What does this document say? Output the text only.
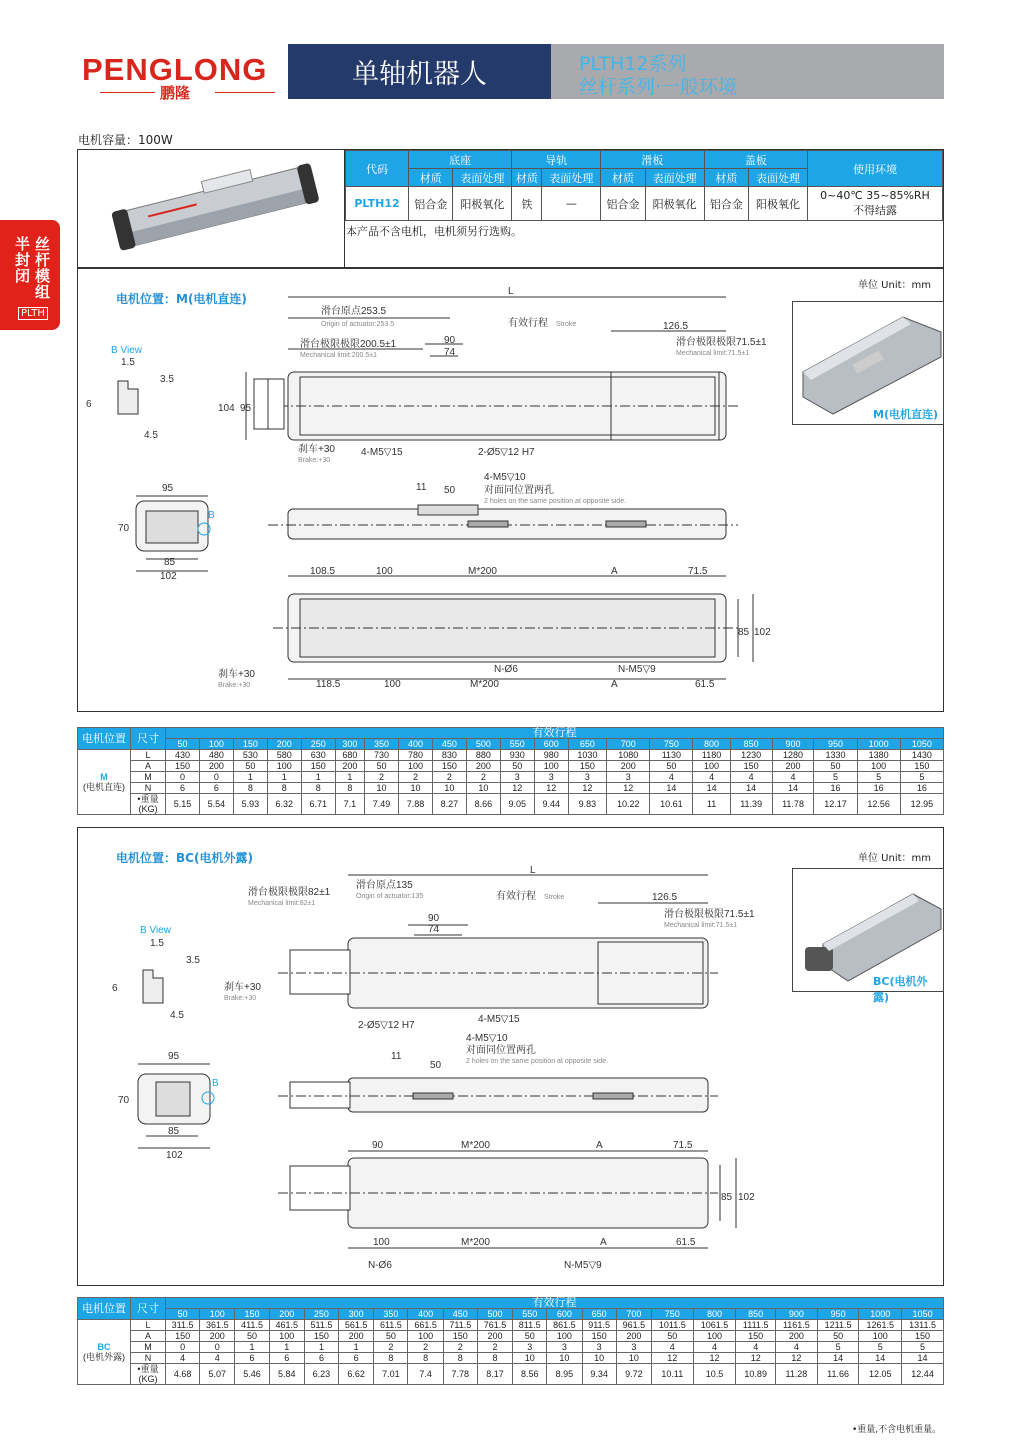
PENGLONG
鹏隆
单轴机器人	PLTH12系列
丝杆系列·一般环境
电机容量：100W
丝杆模组
半封闭
PLTH
代码	底座		导轨		滑板		盖板		使用环境
	材质	表面处理	材质	表面处理	材质	表面处理	材质	表面处理	
PLTH12	铝合金	阳极氧化	铁	—	铝合金	阳极氧化	铝合金	阳极氧化	0~40℃ 35~85%RH
不得结露
本产品不含电机，电机须另行选购。
电机位置：M(电机直连)
单位 Unit：mm
M(电机直连)
L
滑台原点253.5
Origin of actuator:253.5	有效行程 Stroke	126.5
滑台极限极限200.5±1
Mechanical limit:200.5±1
滑台极限极限71.5±1
Mechanical limit:71.5±1
90
74
B View
1.5
3.5
6
4.5
104 95
刹车+30
Brake:+30
4-M5▽15	2-Ø5▽12 H7
4-M5▽10
对面同位置两孔
2 holes on the same position at opposite side.
11 50
95
70
85
102
B
108.5	100	M*200	A	71.5
118.5	100	M*200	A	61.5
N-Ø6	N-M5▽9
刹车+30
Brake:+30
85 102
电机位置	尺寸	有效行程																				
		50	100	150	200	250	300	350	400	450	500	550	600	650	700	750	800	850	900	950	1000	1050
M
(电机直连)	L	430	480	530	580	630	680	730	780	830	880	930	980	1030	1080	1130	1180	1230	1280	1330	1380	1430
	A	150	200	50	100	150	200	50	100	150	200	50	100	150	200	50	100	150	200	50	100	150
	M	0	0	1	1	1	1	2	2	2	2	3	3	3	3	4	4	4	4	5	5	5
	N	6	6	8	8	8	8	10	10	10	10	12	12	12	12	14	14	14	14	16	16	16
	•重量(KG)	5.15	5.54	5.93	6.32	6.71	7.1	7.49	7.88	8.27	8.66	9.05	9.44	9.83	10.22	10.61	11	11.39	11.78	12.17	12.56	12.95
电机位置：BC(电机外露)	单位 Unit：mm
BC(电机外露)
L
滑台原点135
Origin of actuator:135
滑台极限极限82±1
Mechanical limit:82±1
有效行程 Stroke	126.5
滑台极限极限71.5±1
Mechanical limit:71.5±1
90
74
B View
1.5
3.5
6
4.5
刹车+30
Brake:+30
2-Ø5▽12 H7
4-M5▽15
4-M5▽10
对面同位置两孔
2 holes on the same position at opposite side.
11
50
95
70
85
102
B
90	M*200	A	71.5
100	M*200	A	61.5
N-Ø6	N-M5▽9
85 102
电机位置	尺寸	有效行程																				
		50	100	150	200	250	300	350	400	450	500	550	600	650	700	750	800	850	900	950	1000	1050
BC
(电机外露)	L	311.5	361.5	411.5	461.5	511.5	561.5	611.5	661.5	711.5	761.5	811.5	861.5	911.5	961.5	1011.5	1061.5	1111.5	1161.5	1211.5	1261.5	1311.5
	A	150	200	50	100	150	200	50	100	150	200	50	100	150	200	50	100	150	200	50	100	150
	M	0	0	1	1	1	1	2	2	2	2	3	3	3	3	4	4	4	4	5	5	5
	N	4	4	6	6	6	6	8	8	8	8	10	10	10	10	12	12	12	12	14	14	14
	•重量(KG)	4.68	5.07	5.46	5.84	6.23	6.62	7.01	7.4	7.78	8.17	8.56	8.95	9.34	9.72	10.11	10.5	10.89	11.28	11.66	12.05	12.44
•重量,不含电机重量。
